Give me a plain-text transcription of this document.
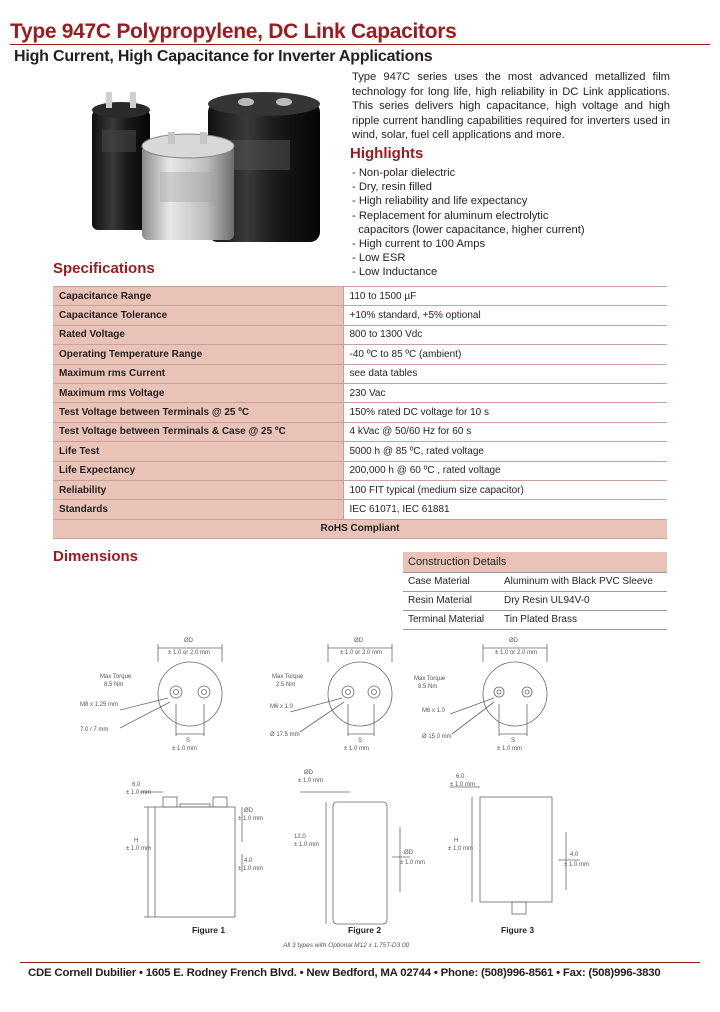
Type 947C Polypropylene, DC Link Capacitors
High Current, High Capacitance for Inverter Applications
Type 947C series uses the most advanced metallized film technology for long life, high reliability in DC Link applications. This series delivers high capacitance, high voltage and high ripple current handling capabilities required for inverters used in wind, solar, fuel cell applications and more.
Highlights
- Non-polar dielectric
- Dry, resin filled
- High reliability and life expectancy
- Replacement for aluminum electrolytic
capacitors (lower capacitance, higher current)
- High current to 100 Amps
- Low ESR
- Low Inductance
Specifications
Capacitance Range	110 to 1500 µF
Capacitance Tolerance	+10% standard, +5% optional
Rated Voltage	800 to 1300 Vdc
Operating Temperature Range	-40 ºC to 85 ºC (ambient)
Maximum rms Current	see data tables
Maximum rms Voltage	230 Vac
Test Voltage between Terminals @ 25 ºC	150% rated DC voltage for 10 s
Test Voltage between Terminals & Case @ 25 ºC	4 kVac @ 50/60 Hz for 60 s
Life Test	5000 h @ 85 ºC, rated voltage
Life Expectancy	200,000 h @ 60 ºC , rated voltage
Reliability	100 FIT typical (medium size capacitor)
Standards	IEC 61071, IEC 61881
RoHS Compliant	
Dimensions	Construction Details	
Case Material	Aluminum with Black PVC Sleeve
Resin Material	Dry Resin UL94V-0
Terminal Material	Tin Plated Brass
ØD
± 1.0 or 2.0 mm
Max Torque
8.5 Nm
M8 x 1.25 mm
7.0 / 7 mm
S
± 1.0 mm
ØD
± 1.0 or 2.0 mm
Max Torque
2.5 Nm
M6 x 1.0
Ø 17.5 mm
S
± 1.0 mm
ØD
± 1.0 or 2.0 mm
Max Torque
8.5 Nm
M6 x 1.0
Ø 15.0 mm
S
± 1.0 mm
6.0
± 1.0 mm
H
± 1.0 mm
ØD
± 1.0 mm
4.0
± 1.0 mm
ØD
± 1.0 mm
12.0
± 1.0 mm
ØD
± 1.0 mm
6.0
± 1.0 mm
H
± 1.0 mm
4.0
± 1.0 mm
Figure 1	Figure 2	Figure 3
All 3 types with Optional M12 x 1.75T-D3 00
CDE Cornell Dubilier • 1605 E. Rodney French Blvd. • New Bedford, MA 02744 • Phone: (508)996-8561 • Fax: (508)996-3830
